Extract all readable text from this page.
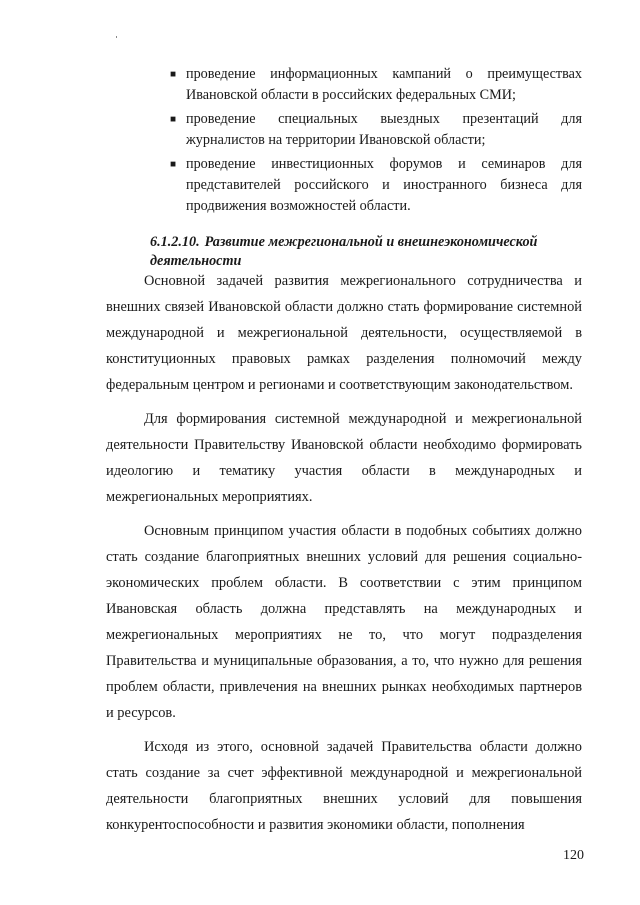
■ проведение информационных кампаний о преимуществах Ивановской области в российских федеральных СМИ;
■ проведение специальных выездных презентаций для журналистов на территории Ивановской области;
■ проведение инвестиционных форумов и семинаров для представителей российского и иностранного бизнеса для продвижения возможностей области.
6.1.2.10. Развитие межрегиональной и внешнеэкономической деятельности

Основной задачей развития межрегионального сотрудничества и внешних связей Ивановской области должно стать формирование системной международной и межрегиональной деятельности, осуществляемой в конституционных правовых рамках разделения полномочий между федеральным центром и регионами и соответствующим законодательством.

Для формирования системной международной и межрегиональной деятельности Правительству Ивановской области необходимо формировать идеологию и тематику участия области в международных и межрегиональных мероприятиях.

Основным принципом участия области в подобных событиях должно стать создание благоприятных внешних условий для решения социально-экономических проблем области. В соответствии с этим принципом Ивановская область должна представлять на международных и межрегиональных мероприятиях не то, что могут подразделения Правительства и муниципальные образования, а то, что нужно для решения проблем области, привлечения на внешних рынках необходимых партнеров и ресурсов.

Исходя из этого, основной задачей Правительства области должно стать создание за счет эффективной международной и межрегиональной деятельности благоприятных внешних условий для повышения конкурентоспособности и развития экономики области, пополнения

120
